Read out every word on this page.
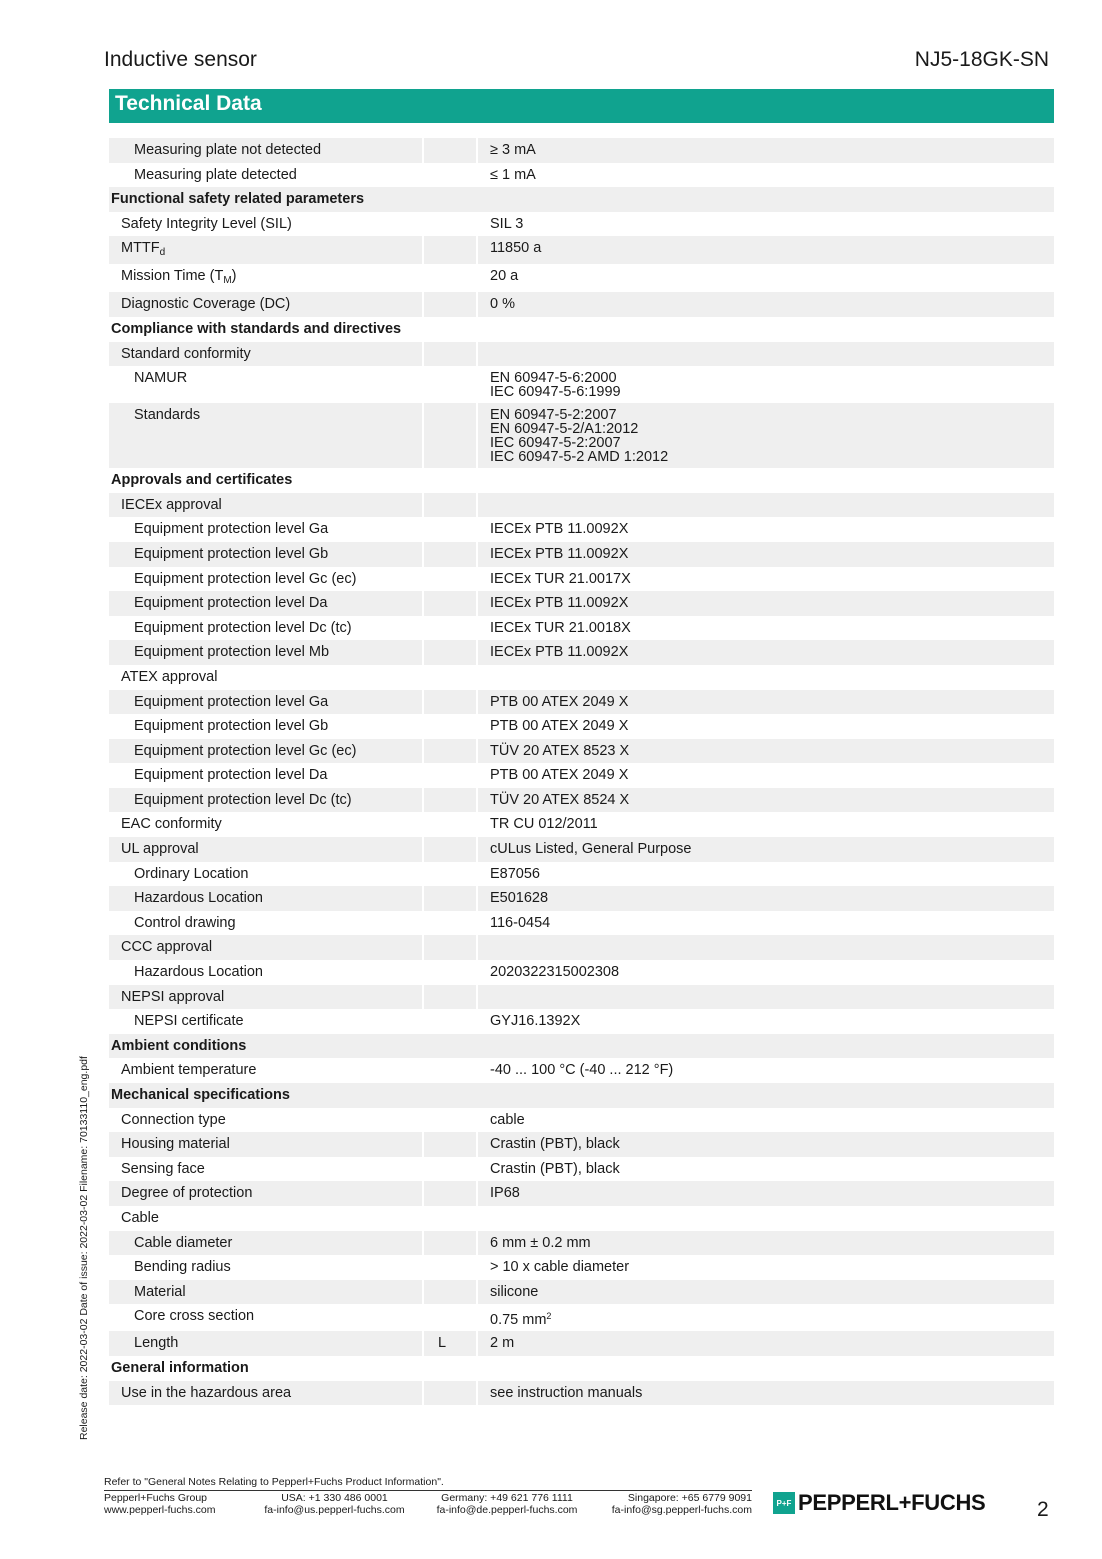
Inductive sensor	NJ5-18GK-SN
Technical Data
Measuring plate not detected		≥ 3 mA

Measuring plate detected		≤ 1 mA

Functional safety related parameters		

Safety Integrity Level (SIL)		SIL 3

$MTTF_d$		11850 a

Mission Time $(T_M)$		20 a

Diagnostic Coverage (DC)		0 %

Compliance with standards and directives		

Standard conformity		

NAMUR		EN 60947-5-6:2000
IEC 60947-5-6:1999

Standards		EN 60947-5-2:2007
EN 60947-5-2/A1:2012
IEC 60947-5-2:2007
IEC 60947-5-2 AMD 1:2012

Approvals and certificates		

IECEx approval		

Equipment protection level Ga		IECEx PTB 11.0092X

Equipment protection level Gb		IECEx PTB 11.0092X

Equipment protection level Gc (ec)		IECEx TUR 21.0017X

Equipment protection level Da		IECEx PTB 11.0092X

Equipment protection level Dc (tc)		IECEx TUR 21.0018X

Equipment protection level Mb		IECEx PTB 11.0092X

ATEX approval		

Equipment protection level Ga		PTB 00 ATEX 2049 X

Equipment protection level Gb		PTB 00 ATEX 2049 X

Equipment protection level Gc (ec)		TÜV 20 ATEX 8523 X

Equipment protection level Da		PTB 00 ATEX 2049 X

Equipment protection level Dc (tc)		TÜV 20 ATEX 8524 X

EAC conformity		TR CU 012/2011

UL approval		cULus Listed, General Purpose

Ordinary Location		E87056

Hazardous Location		E501628

Control drawing		116-0454

CCC approval		

Hazardous Location		2020322315002308

NEPSI approval		

NEPSI certificate		GYJ16.1392X

Ambient conditions		

Ambient temperature		-40 ... 100 °C (-40 ... 212 °F)

Mechanical specifications		

Connection type		cable

Housing material		Crastin (PBT), black

Sensing face		Crastin (PBT), black

Degree of protection		IP68

Cable		

Cable diameter		6 mm ± 0.2 mm

Bending radius		> 10 x cable diameter

Material		silicone

Core cross section		0.75 $mm^2$

Length	L	2 m

General information		

Use in the hazardous area		see instruction manuals
Release date: 2022-03-02 Date of issue: 2022-03-02 Filename: 70133110_eng.pdf
Refer to "General Notes Relating to Pepperl+Fuchs Product Information".
Pepperl+Fuchs Group
www.pepperl-fuchs.com
USA: +1 330 486 0001
fa-info@us.pepperl-fuchs.com
Germany: +49 621 776 1111
fa-info@de.pepperl-fuchs.com
Singapore: +65 6779 9091
fa-info@sg.pepperl-fuchs.com
P+F PEPPERL+FUCHS 2
